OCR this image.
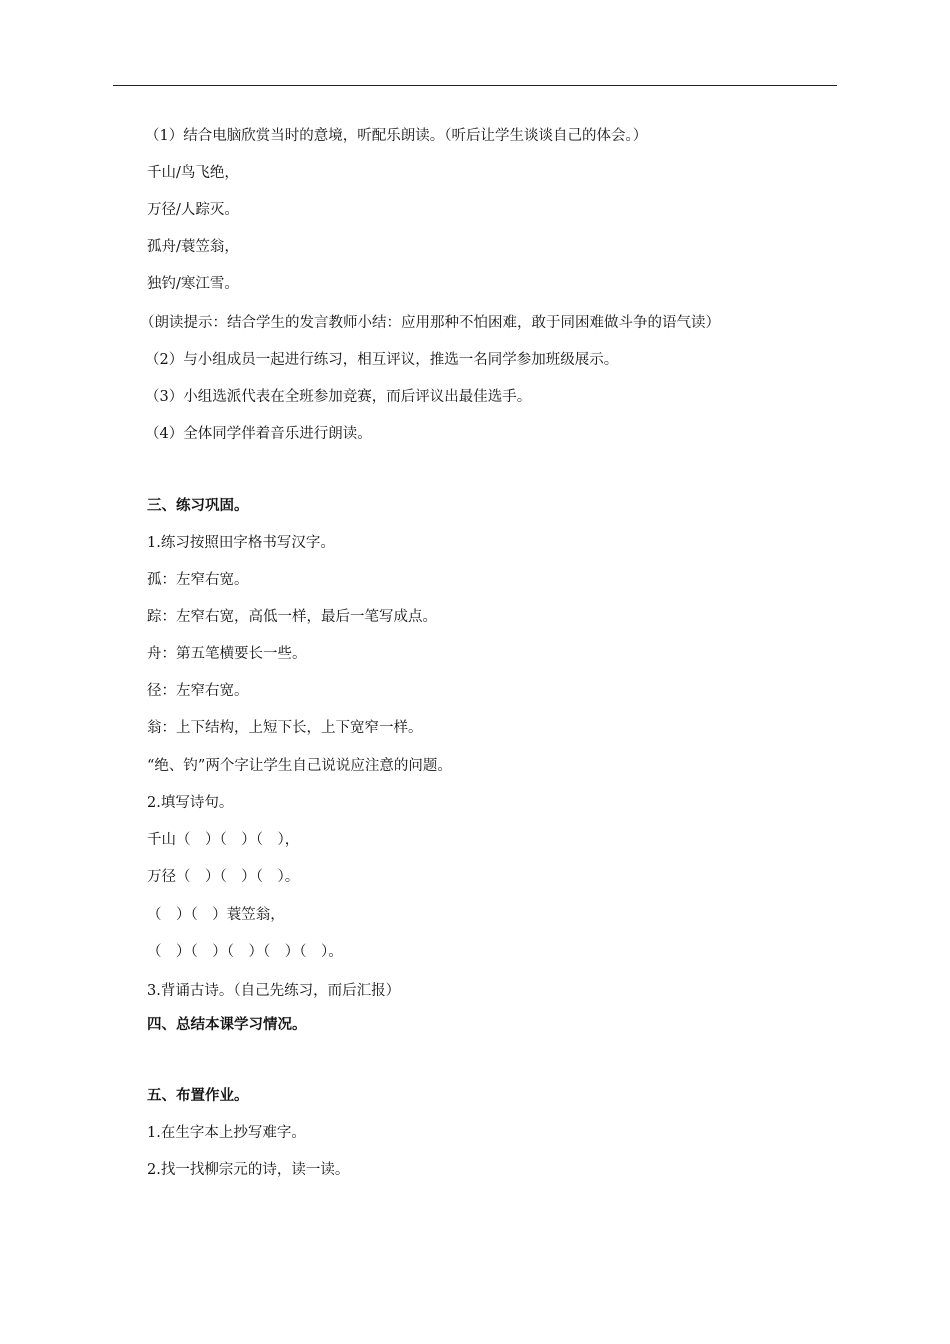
（1）结合电脑欣赏当时的意境，听配乐朗读。（听后让学生谈谈自己的体会。）
千山/鸟飞绝，
万径/人踪灭。
孤舟/蓑笠翁，
独钓/寒江雪。
（朗读提示：结合学生的发言教师小结：应用那种不怕困难，敢于同困难做斗争的语气读）
（2）与小组成员一起进行练习，相互评议，推选一名同学参加班级展示。
（3）小组选派代表在全班参加竞赛，而后评议出最佳选手。
（4）全体同学伴着音乐进行朗读。
三、练习巩固。
1.练习按照田字格书写汉字。
孤：左窄右宽。
踪：左窄右宽，高低一样，最后一笔写成点。
舟：第五笔横要长一些。
径：左窄右宽。
翁：上下结构，上短下长，上下宽窄一样。
“绝、钓”两个字让学生自己说说应注意的问题。
2.填写诗句。
千山（　）（　）（　），
万径（　）（　）（　）。
（　）（　）蓑笠翁，
（　）（　）（　）（　）（　）。
3.背诵古诗。（自己先练习，而后汇报）
四、总结本课学习情况。
五、布置作业。
1.在生字本上抄写难字。
2.找一找柳宗元的诗，读一读。
